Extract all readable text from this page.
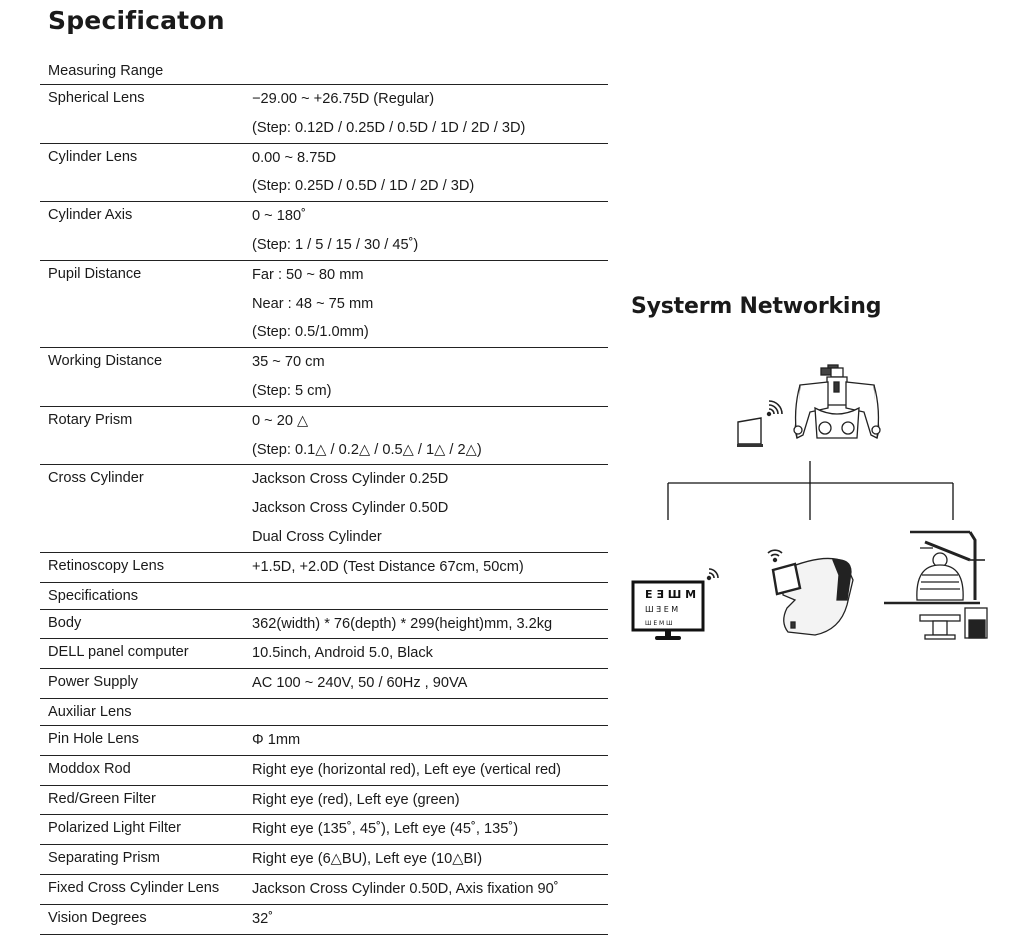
Specificaton
Measuring Range
Spherical Lens	−29.00 ~ +26.75D (Regular)
(Step: 0.12D / 0.25D / 0.5D / 1D / 2D / 3D)
Cylinder Lens	0.00 ~ 8.75D
(Step: 0.25D / 0.5D / 1D / 2D / 3D)
Cylinder Axis	0 ~ 180˚
(Step: 1 / 5 / 15 / 30 / 45˚)
Pupil Distance	Far : 50 ~ 80 mm
Near : 48 ~ 75 mm
(Step: 0.5/1.0mm)
Working Distance	35 ~ 70 cm
(Step: 5 cm)
Rotary Prism	0 ~ 20 △
(Step: 0.1△ / 0.2△ / 0.5△ / 1△ / 2△)
Cross Cylinder	Jackson Cross Cylinder 0.25D
Jackson Cross Cylinder 0.50D
Dual Cross Cylinder
Retinoscopy Lens	+1.5D, +2.0D (Test Distance 67cm, 50cm)
Specifications
Body	362(width) * 76(depth) * 299(height)mm, 3.2kg
DELL panel computer	10.5inch, Android 5.0, Black
Power Supply	AC 100 ~ 240V, 50 / 60Hz , 90VA
Auxiliar Lens
Pin Hole Lens	Φ 1mm
Moddox Rod	Right eye (horizontal red), Left eye (vertical red)
Red/Green Filter	Right eye (red), Left eye (green)
Polarized Light Filter	Right eye (135˚, 45˚), Left eye (45˚, 135˚)
Separating Prism	Right eye (6△BU), Left eye (10△BI)
Fixed Cross Cylinder Lens	Jackson Cross Cylinder 0.50D, Axis fixation 90˚
Vision Degrees	32˚
Systerm Networking
E Ǝ Ш M
Ш Ǝ E M
Ш E M Ш
